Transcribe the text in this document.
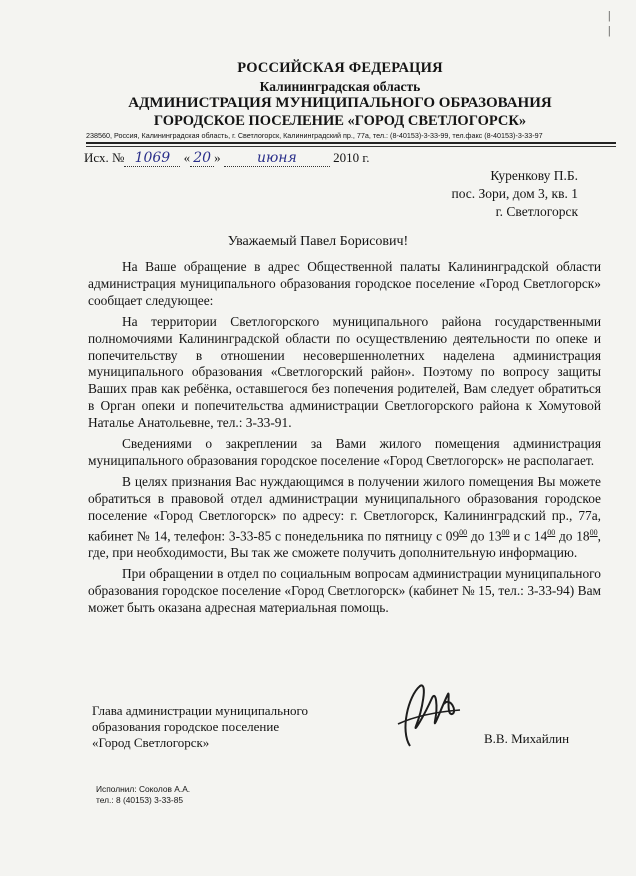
|
|
РОССИЙСКАЯ ФЕДЕРАЦИЯ
Калининградская область
АДМИНИСТРАЦИЯ МУНИЦИПАЛЬНОГО ОБРАЗОВАНИЯ
ГОРОДСКОЕ ПОСЕЛЕНИЕ «ГОРОД СВЕТЛОГОРСК»
238560, Россия, Калининградская область, г. Светлогорск, Калининградский пр., 77а, тел.: (8-40153)-3-33-99, тел.факс (8-40153)-3-33-97
Исх. № 1069 « 20 » июня	2010 г.
Куренкову П.Б.
пос. Зори, дом 3, кв. 1
г. Светлогорск
Уважаемый Павел Борисович!

На Ваше обращение в адрес Общественной палаты Калининградской области администрация муниципального образования городское поселение «Город Светлогорск» сообщает следующее:

На территории Светлогорского муниципального района государственными полномочиями Калининградской области по осуществлению деятельности по опеке и попечительству в отношении несовершеннолетних наделена администрация муниципального образования «Светлогорский район». Поэтому по вопросу защиты Ваших прав как ребёнка, оставшегося без попечения родителей, Вам следует обратиться в Орган опеки и попечительства администрации Светлогорского района к Хомутовой Наталье Анатольевне, тел.: 3-33-91.

Сведениями о закреплении за Вами жилого помещения администрация муниципального образования городское поселение «Город Светлогорск» не располагает.

В целях признания Вас нуждающимся в получении жилого помещения Вы можете обратиться в правовой отдел администрации муниципального образования городское поселение «Город Светлогорск» по адресу: г. Светлогорск, Калининградский пр., 77а, кабинет № 14, телефон: 3-33-85 с понедельника по пятницу с $09^{00}$ до $13^{00}$ и с $14^{00}$ до $18^{00}$, где, при необходимости, Вы так же сможете получить дополнительную информацию.

При обращении в отдел по социальным вопросам администрации муниципального образования городское поселение «Город Светлогорск» (кабинет № 15, тел.: 3-33-94) Вам может быть оказана адресная материальная помощь.

Глава администрации муниципального
образования городское поселение
«Город Светлогорск»	В.В. Михайлин
Исполнил: Соколов А.А.
тел.: 8 (40153) 3-33-85
